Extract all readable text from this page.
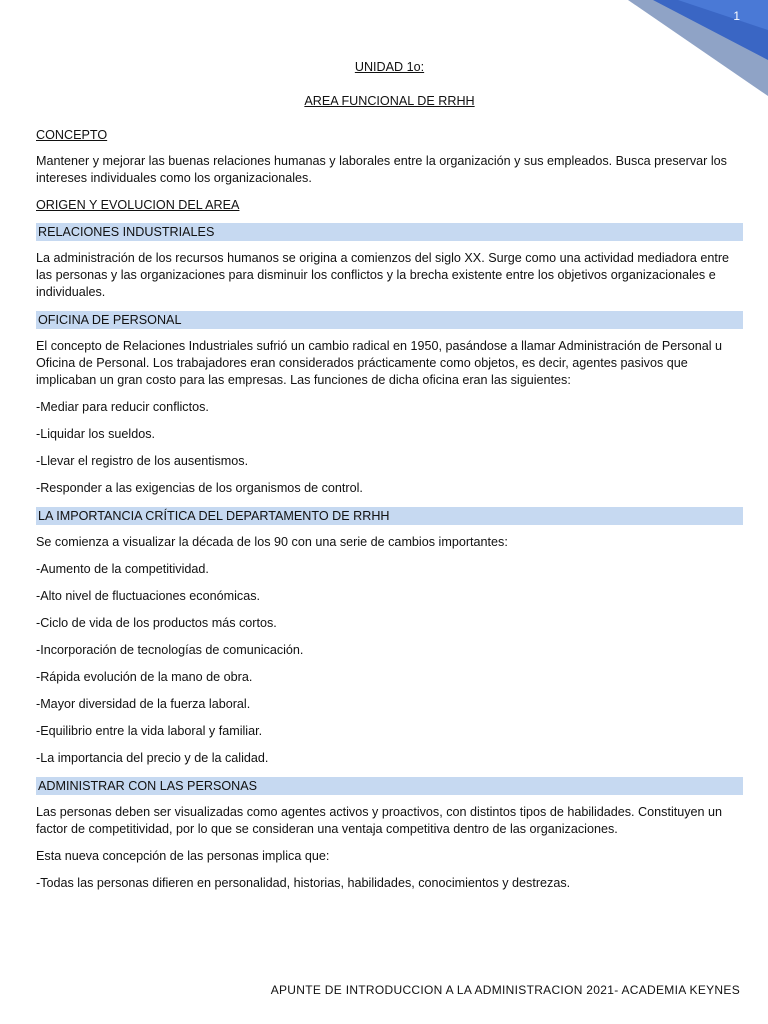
1
UNIDAD 1o:
AREA FUNCIONAL DE RRHH
CONCEPTO

Mantener y mejorar las buenas relaciones humanas y laborales entre la organización y sus empleados. Busca preservar los intereses individuales como los organizacionales.

ORIGEN Y EVOLUCION DEL AREA
RELACIONES INDUSTRIALES

La administración de los recursos humanos se origina a comienzos del siglo XX. Surge como una actividad mediadora entre las personas y las organizaciones para disminuir los conflictos y la brecha existente entre los objetivos organizacionales e individuales.

OFICINA DE PERSONAL

El concepto de Relaciones Industriales sufrió un cambio radical en 1950, pasándose a llamar Administración de Personal u Oficina de Personal. Los trabajadores eran considerados prácticamente como objetos, es decir, agentes pasivos que implicaban un gran costo para las empresas. Las funciones de dicha oficina eran las siguientes:

-Mediar para reducir conflictos.

-Liquidar los sueldos.

-Llevar el registro de los ausentismos.

-Responder a las exigencias de los organismos de control.

LA IMPORTANCIA CRÍTICA DEL DEPARTAMENTO DE RRHH

Se comienza a visualizar la década de los 90 con una serie de cambios importantes:

-Aumento de la competitividad.

-Alto nivel de fluctuaciones económicas.

-Ciclo de vida de los productos más cortos.

-Incorporación de tecnologías de comunicación.

-Rápida evolución de la mano de obra.

-Mayor diversidad de la fuerza laboral.

-Equilibrio entre la vida laboral y familiar.

-La importancia del precio y de la calidad.

ADMINISTRAR CON LAS PERSONAS

Las personas deben ser visualizadas como agentes activos y proactivos, con distintos tipos de habilidades. Constituyen un factor de competitividad, por lo que se consideran una ventaja competitiva dentro de las organizaciones.

Esta nueva concepción de las personas implica que:

-Todas las personas difieren en personalidad, historias, habilidades, conocimientos y destrezas.

APUNTE DE INTRODUCCION A LA ADMINISTRACION 2021- ACADEMIA KEYNES
